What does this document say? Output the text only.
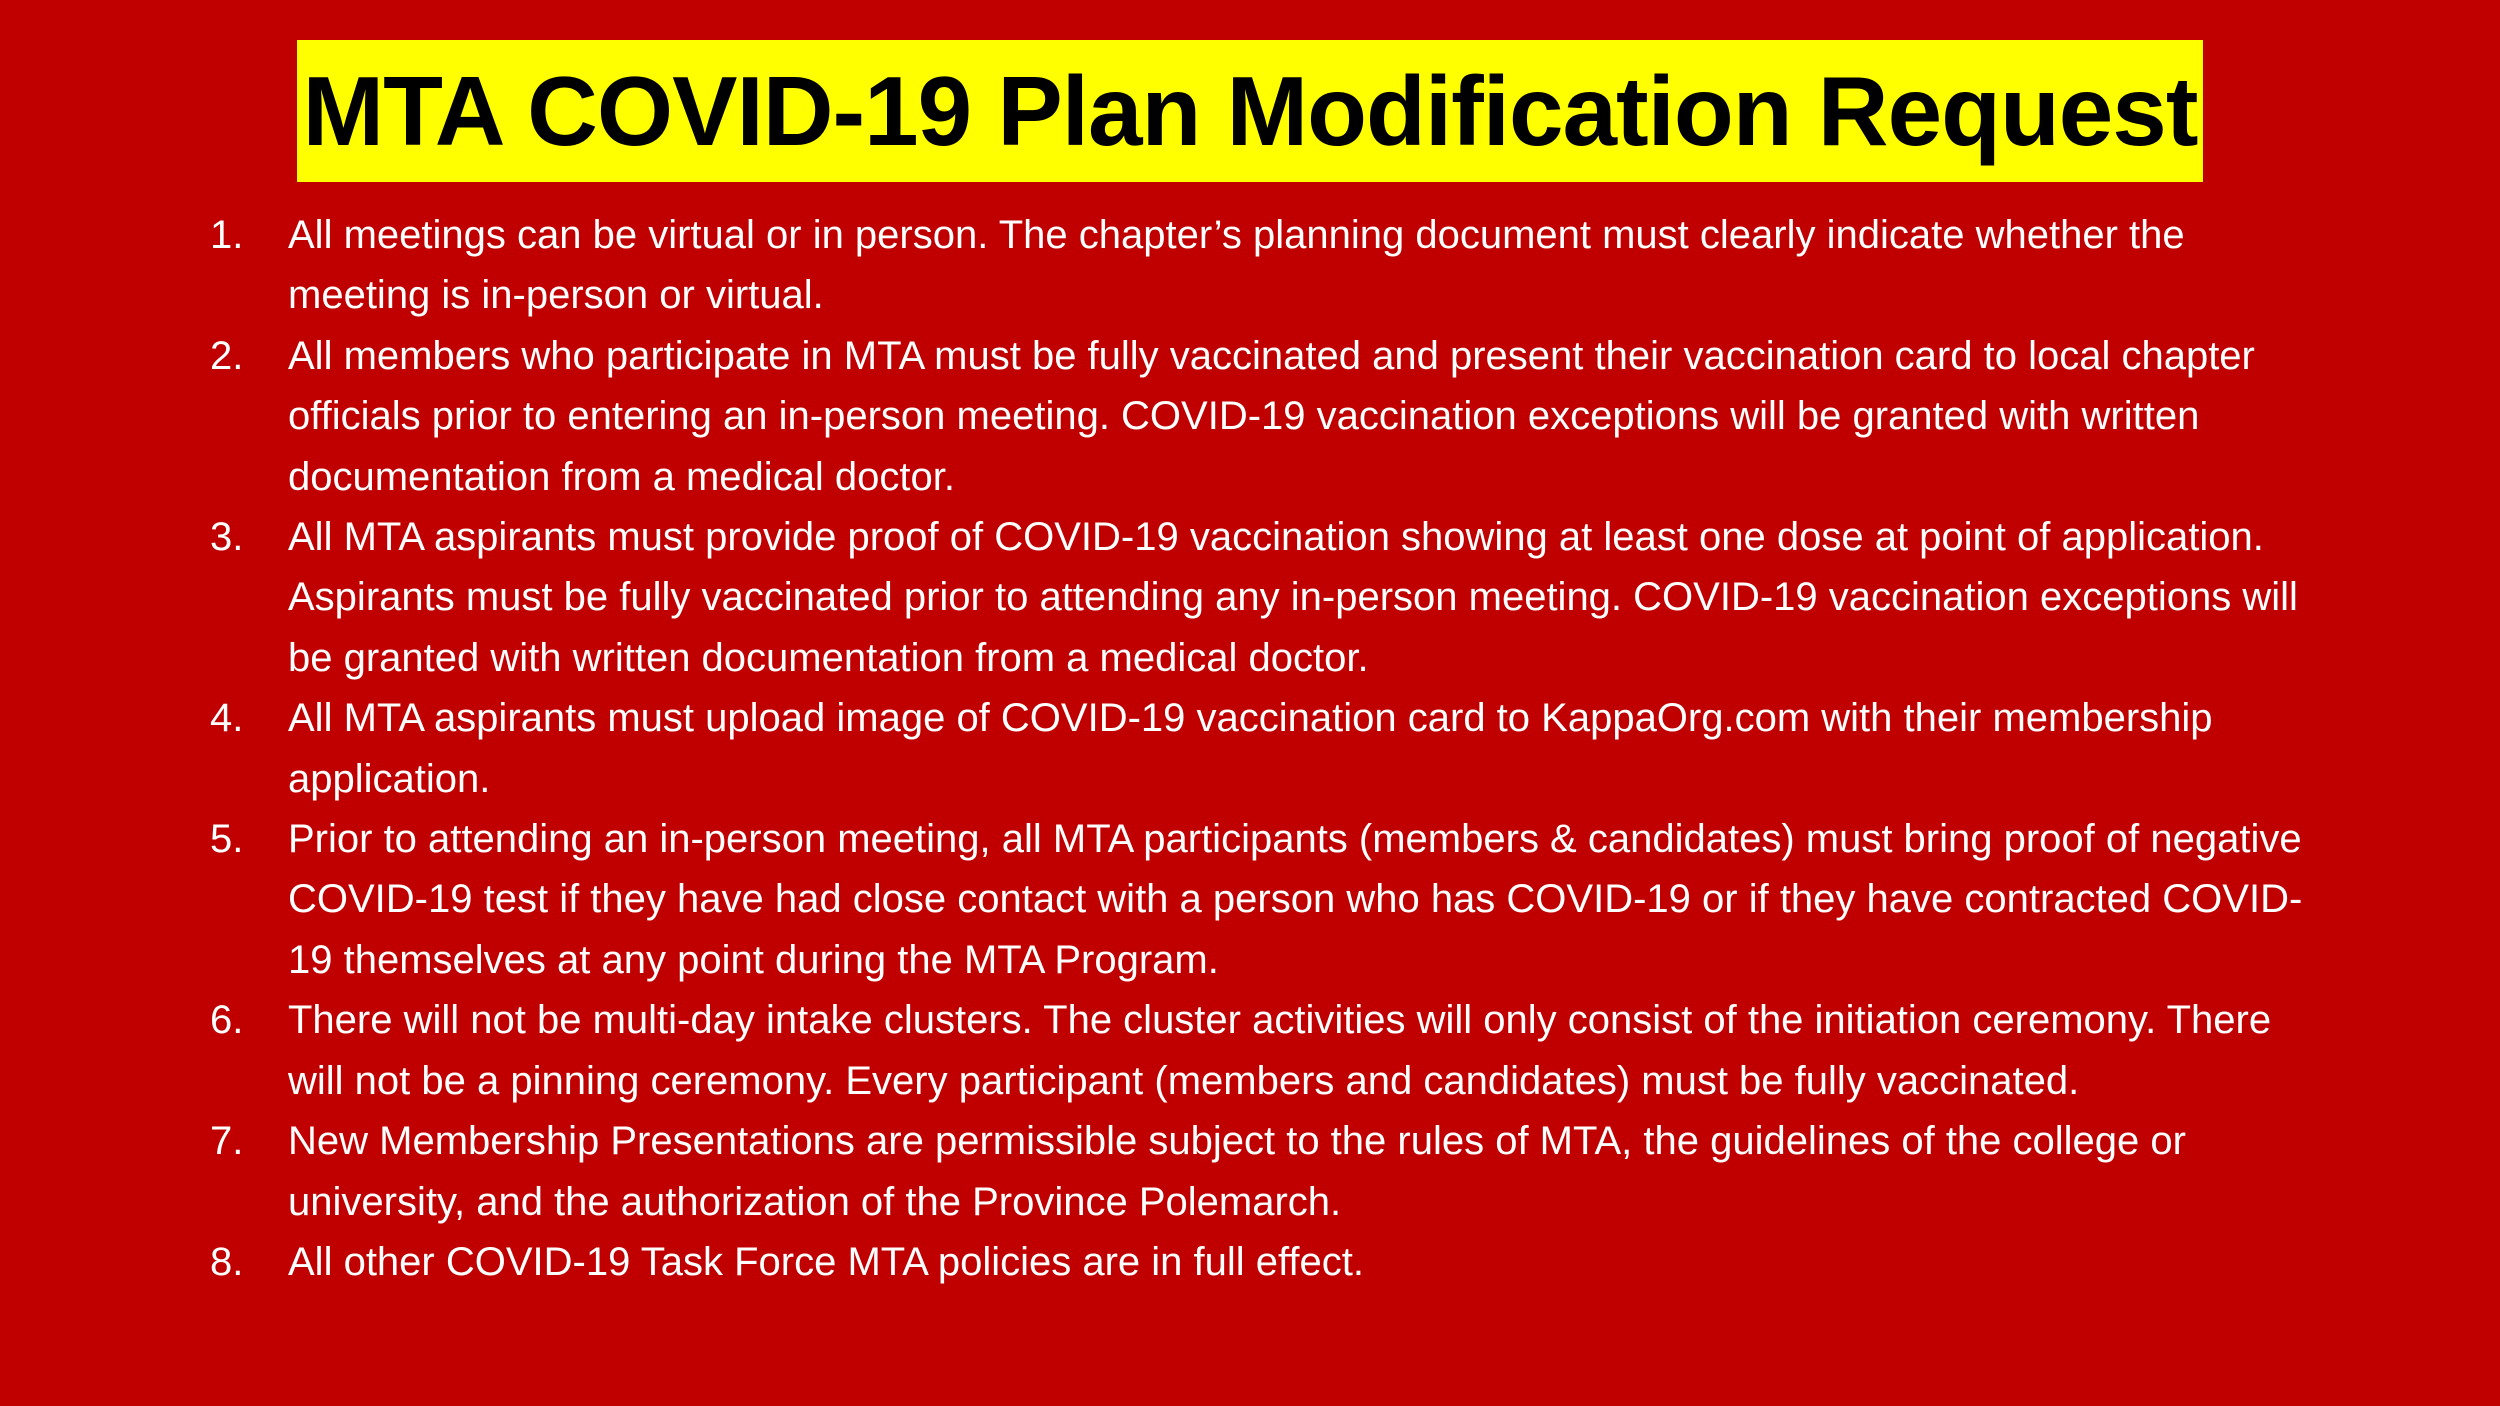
MTA COVID-19 Plan Modification Request
1.	All meetings can be virtual or in person. The chapter’s planning document must clearly indicate whether the meeting is in-person or virtual.
2.	All members who participate in MTA must be fully vaccinated and present their vaccination card to local chapter officials prior to entering an in-person meeting. COVID-19 vaccination exceptions will be granted with written documentation from a medical doctor.
3.	All MTA aspirants must provide proof of COVID-19 vaccination showing at least one dose at point of application. Aspirants must be fully vaccinated prior to attending any in-person meeting. COVID-19 vaccination exceptions will be granted with written documentation from a medical doctor.
4.	All MTA aspirants must upload image of COVID-19 vaccination card to KappaOrg.com with their membership application.
5.	Prior to attending an in-person meeting, all MTA participants (members & candidates) must bring proof of negative COVID-19 test if they have had close contact with a person who has COVID-19 or if they have contracted COVID-19 themselves at any point during the MTA Program.
6.	There will not be multi-day intake clusters. The cluster activities will only consist of the initiation ceremony. There will not be a pinning ceremony. Every participant (members and candidates) must be fully vaccinated.
7.	New Membership Presentations are permissible subject to the rules of MTA, the guidelines of the college or university, and the authorization of the Province Polemarch.
8.	All other COVID-19 Task Force MTA policies are in full effect.
